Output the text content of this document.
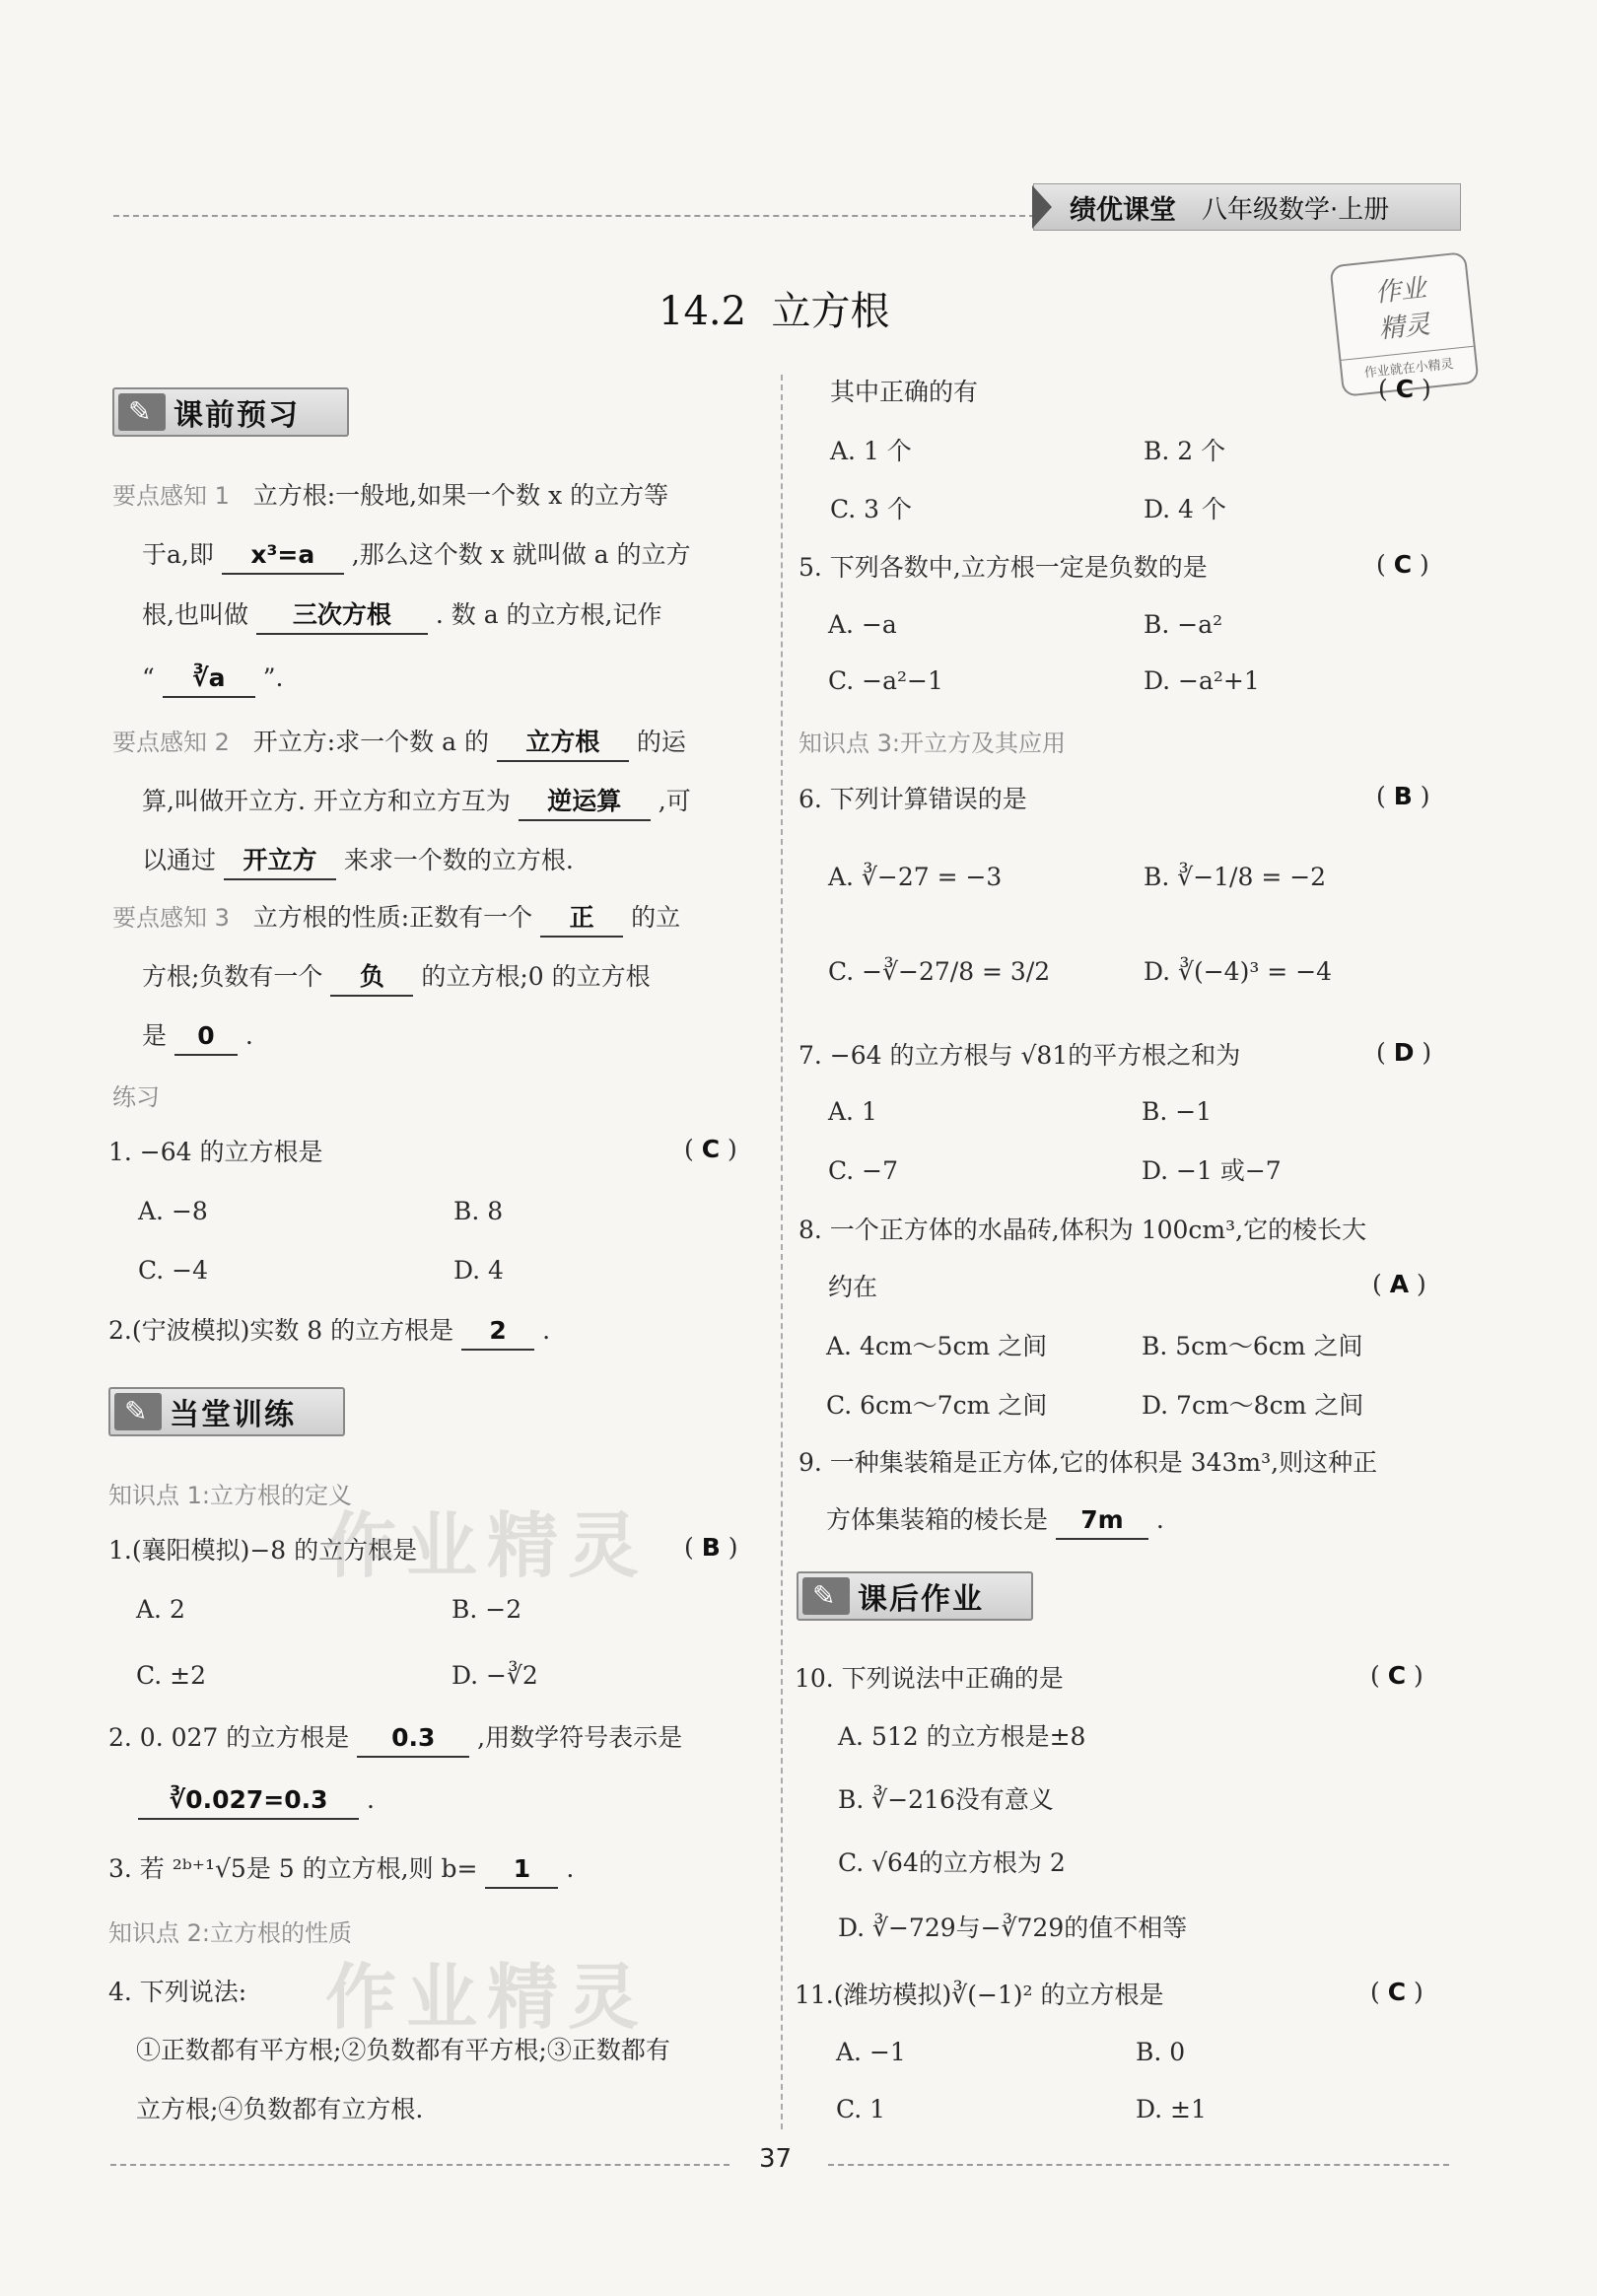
绩优课堂 八年级数学·上册
作业
精灵
作业就在小精灵
14.2  立方根
✎
课前预习
要点感知 1 立方根:一般地,如果一个数 x 的立方等
于a,即 x³=a ,那么这个数 x 就叫做 a 的立方
根,也叫做 三次方根 . 数 a 的立方根,记作
“ ∛a ”.
要点感知 2 开立方:求一个数 a 的 立方根 的运
算,叫做开立方. 开立方和立方互为 逆运算 ,可
以通过 开立方 来求一个数的立方根.
要点感知 3 立方根的性质:正数有一个 正 的立
方根;负数有一个 负 的立方根;0 的立方根
是 0 .
练习
1. −64 的立方根是	( C )
A. −8	B. 8
C. −4	D. 4
2.(宁波模拟)实数 8 的立方根是 2 .
✎
当堂训练
知识点 1:立方根的定义
1.(襄阳模拟)−8 的立方根是	( B )
A. 2	B. −2
C. ±2	D. −∛2
2. 0. 027 的立方根是 0.3 ,用数学符号表示是
∛0.027=0.3 .
3. 若 ²ᵇ⁺¹√5是 5 的立方根,则 b= 1 .
知识点 2:立方根的性质
4. 下列说法:
①正数都有平方根;②负数都有平方根;③正数都有
立方根;④负数都有立方根.
其中正确的有	( C )
A. 1 个	B. 2 个
C. 3 个	D. 4 个
5. 下列各数中,立方根一定是负数的是	( C )
A. −a	B. −a²
C. −a²−1	D. −a²+1
知识点 3:开立方及其应用
6. 下列计算错误的是	( B )
A. ∛−27 = −3	B. ∛−1/8 = −2
C. −∛−27/8 = 3/2	D. ∛(−4)³ = −4
7. −64 的立方根与 √81的平方根之和为	( D )
A. 1	B. −1
C. −7	D. −1 或−7
8. 一个正方体的水晶砖,体积为 100cm³,它的棱长大
约在	( A )
A. 4cm～5cm 之间	B. 5cm～6cm 之间
C. 6cm～7cm 之间	D. 7cm～8cm 之间
9. 一种集装箱是正方体,它的体积是 343m³,则这种正
方体集装箱的棱长是 7m .
✎
课后作业
10. 下列说法中正确的是	( C )
A. 512 的立方根是±8
B. ∛−216没有意义
C. √64的立方根为 2
D. ∛−729与−∛729的值不相等
11.(潍坊模拟)∛(−1)² 的立方根是	( C )
A. −1	B. 0
C. 1	D. ±1
作业精灵
作业精灵
37
